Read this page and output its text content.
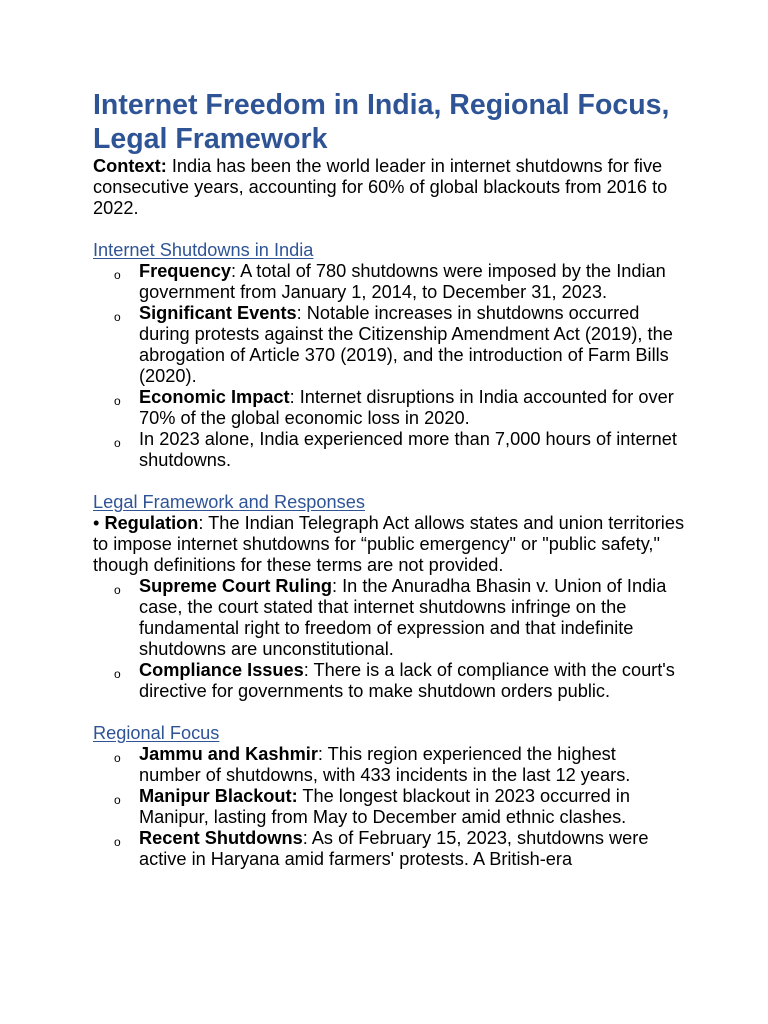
Internet Freedom in India, Regional Focus, Legal Framework

Context: India has been the world leader in internet shutdowns for five consecutive years, accounting for 60% of global blackouts from 2016 to 2022.

Internet Shutdowns in India
o Frequency: A total of 780 shutdowns were imposed by the Indian government from January 1, 2014, to December 31, 2023.
o Significant Events: Notable increases in shutdowns occurred during protests against the Citizenship Amendment Act (2019), the abrogation of Article 370 (2019), and the introduction of Farm Bills (2020).
o Economic Impact: Internet disruptions in India accounted for over 70% of the global economic loss in 2020.
o In 2023 alone, India experienced more than 7,000 hours of internet shutdowns.
Legal Framework and Responses

• Regulation: The Indian Telegraph Act allows states and union territories to impose internet shutdowns for “public emergency" or "public safety," though definitions for these terms are not provided.

o Supreme Court Ruling: In the Anuradha Bhasin v. Union of India case, the court stated that internet shutdowns infringe on the fundamental right to freedom of expression and that indefinite shutdowns are unconstitutional.
o Compliance Issues: There is a lack of compliance with the court's directive for governments to make shutdown orders public.
Regional Focus
o Jammu and Kashmir: This region experienced the highest number of shutdowns, with 433 incidents in the last 12 years.
o Manipur Blackout: The longest blackout in 2023 occurred in Manipur, lasting from May to December amid ethnic clashes.
o Recent Shutdowns: As of February 15, 2023, shutdowns were active in Haryana amid farmers' protests. A British-era
